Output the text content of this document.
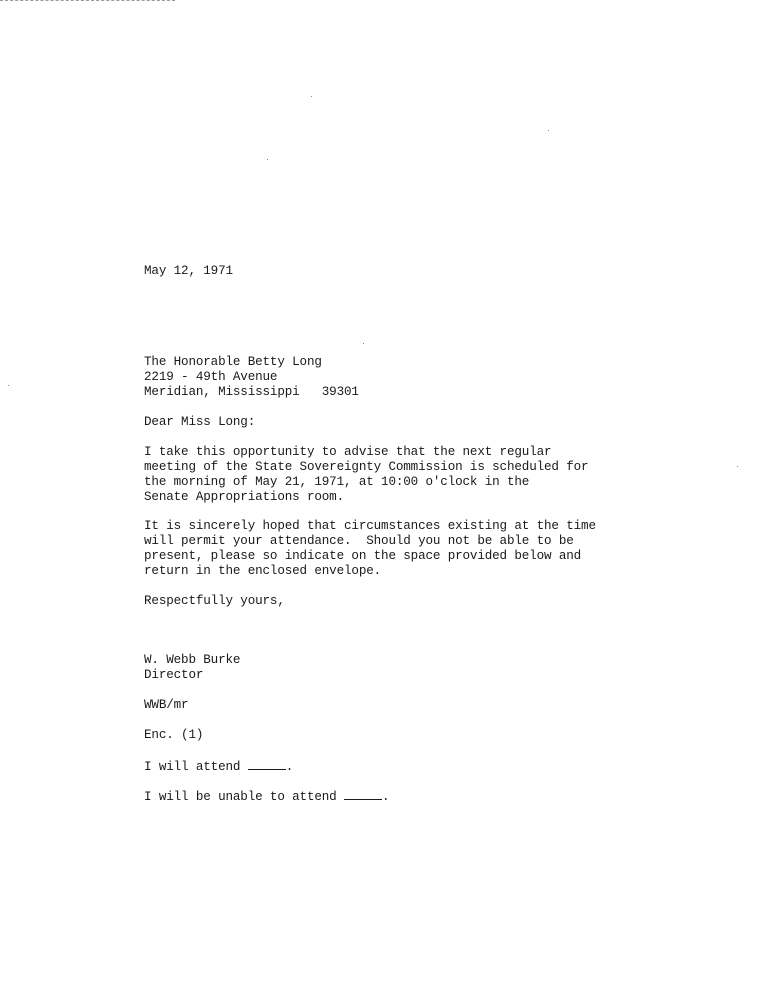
May 12, 1971
The Honorable Betty Long
2219 - 49th Avenue
Meridian, Mississippi   39301
Dear Miss Long:
I take this opportunity to advise that the next regular
meeting of the State Sovereignty Commission is scheduled for
the morning of May 21, 1971, at 10:00 o'clock in the
Senate Appropriations room.
It is sincerely hoped that circumstances existing at the time
will permit your attendance.  Should you not be able to be
present, please so indicate on the space provided below and
return in the enclosed envelope.
Respectfully yours,
W. Webb Burke
Director
WWB/mr
Enc. (1)
I will attend	.
I will be unable to attend	.
